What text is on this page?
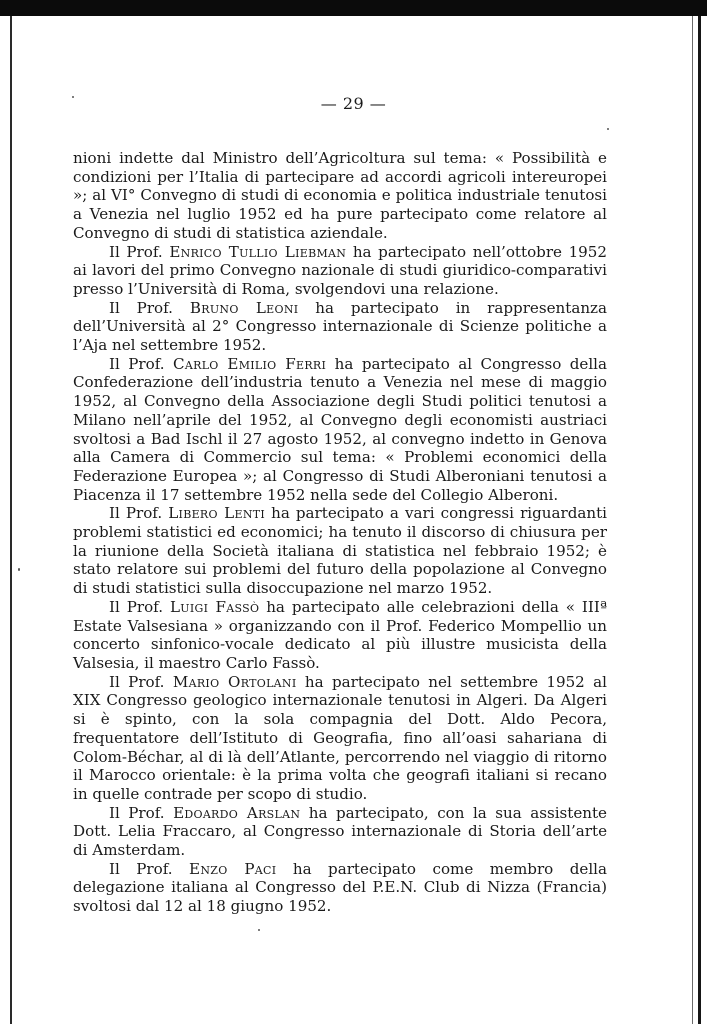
— 29 —

nioni indette dal Ministro dell’Agricoltura sul tema: « Possibilità e condizioni per l’Italia di partecipare ad accordi agricoli intereuropei »; al VI° Convegno di studi di economia e politica industriale tenutosi a Venezia nel luglio 1952 ed ha pure partecipato come relatore al Convegno di studi di statistica aziendale.

Il Prof. Enrico Tullio Liebman ha partecipato nell’ottobre 1952 ai lavori del primo Convegno nazionale di studi giuridico-comparativi presso l’Università di Roma, svolgendovi una relazione.

Il Prof. Bruno Leoni ha partecipato in rappresentanza dell’Università al 2° Congresso internazionale di Scienze politiche a l’Aja nel settembre 1952.

Il Prof. Carlo Emilio Ferri ha partecipato al Congresso della Confederazione dell’industria tenuto a Venezia nel mese di maggio 1952, al Convegno della Associazione degli Studi politici tenutosi a Milano nell’aprile del 1952, al Convegno degli economisti austriaci svoltosi a Bad Ischl il 27 agosto 1952, al convegno indetto in Genova alla Camera di Commercio sul tema: « Problemi economici della Federazione Europea »; al Congresso di Studi Alberoniani tenutosi a Piacenza il 17 settembre 1952 nella sede del Collegio Alberoni.

Il Prof. Libero Lenti ha partecipato a vari congressi riguardanti problemi statistici ed economici; ha tenuto il discorso di chiusura per la riunione della Società italiana di statistica nel febbraio 1952; è stato relatore sui problemi del futuro della popolazione al Convegno di studi statistici sulla disoccupazione nel marzo 1952.

Il Prof. Luigi Fassò ha partecipato alle celebrazioni della « IIIª Estate Valsesiana » organizzando con il Prof. Federico Mompellio un concerto sinfonico-vocale dedicato al più illustre musicista della Valsesia, il maestro Carlo Fassò.

Il Prof. Mario Ortolani ha partecipato nel settembre 1952 al XIX Congresso geologico internazionale tenutosi in Algeri. Da Algeri si è spinto, con la sola compagnia del Dott. Aldo Pecora, frequentatore dell’Istituto di Geografia, fino all’oasi sahariana di Colom-Béchar, al di là dell’Atlante, percorrendo nel viaggio di ritorno il Marocco orientale: è la prima volta che geografi italiani si recano in quelle contrade per scopo di studio.

Il Prof. Edoardo Arslan ha partecipato, con la sua assistente Dott. Lelia Fraccaro, al Congresso internazionale di Storia dell’arte di Amsterdam.

Il Prof. Enzo Paci ha partecipato come membro della delegazione italiana al Congresso del P.E.N. Club di Nizza (Francia) svoltosi dal 12 al 18 giugno 1952.
